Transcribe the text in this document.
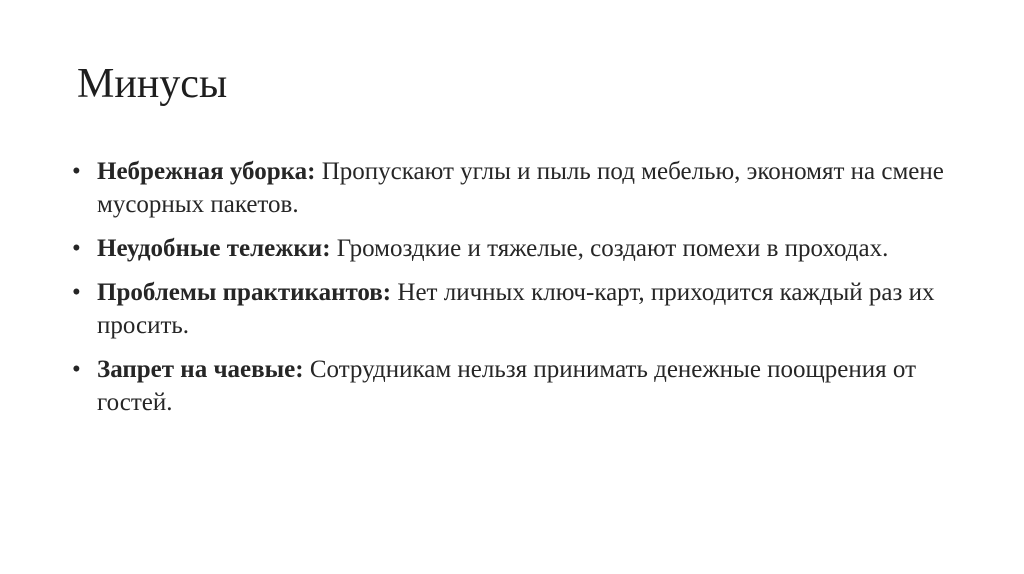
Минусы
• Небрежная уборка: Пропускают углы и пыль под мебелью, экономят на смене мусорных пакетов.
• Неудобные тележки: Громоздкие и тяжелые, создают помехи в проходах.
• Проблемы практикантов: Нет личных ключ-карт, приходится каждый раз их просить.
• Запрет на чаевые: Сотрудникам нельзя принимать денежные поощрения от гостей.
